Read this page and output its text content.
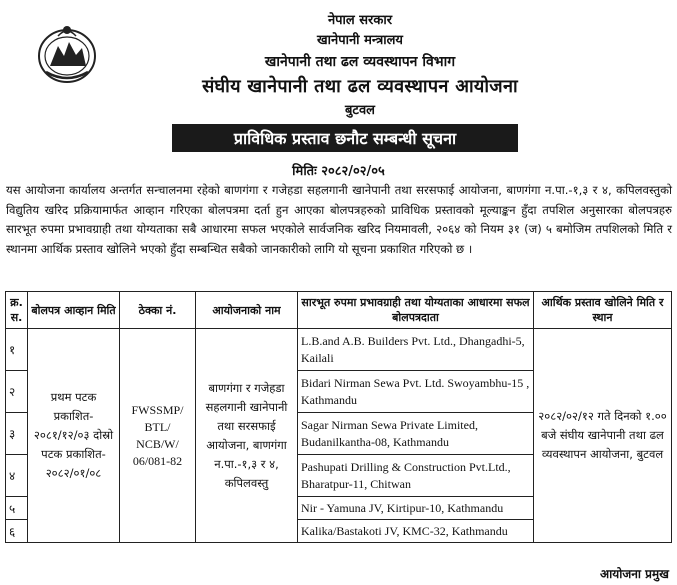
नेपाल सरकार
खानेपानी मन्त्रालय
खानेपानी तथा ढल व्यवस्थापन विभाग
संघीय खानेपानी तथा ढल व्यवस्थापन आयोजना
बुटवल
प्राविधिक प्रस्ताव छनौट सम्बन्धी सूचना
मितिः २०८२/०२/०५
यस आयोजना कार्यालय अन्तर्गत सन्चालनमा रहेको बाणगंगा र गजेहडा सहलगानी खानेपानी तथा सरसफाई आयोजना, बाणगंगा न.पा.-१,३ र ४, कपिलवस्तुको विद्युतिय खरिद प्रक्रियामार्फत आव्हान गरिएका बोलपत्रमा दर्ता हुन आएका बोलपत्रहरुको प्राविधिक प्रस्तावको मूल्याङ्कन हुँदा तपशिल अनुसारका बोलपत्रहरु सारभूत रुपमा प्रभावग्राही तथा योग्यताका सबै आधारमा सफल भएकोले सार्वजनिक खरिद नियमावली, २०६४ को नियम ३१ (ज) ५ बमोजिम तपशिलको मिति र स्थानमा आर्थिक प्रस्ताव खोलिने भएको हुँदा सम्बन्धित सबैको जानकारीको लागि यो सूचना प्रकाशित गरिएको छ ।
क्र. स.	बोलपत्र आव्हान मिति	ठेक्का नं.	आयोजनाको नाम	सारभूत रुपमा प्रभावग्राही तथा योग्यताका आधारमा सफल बोलपत्रदाता	आर्थिक प्रस्ताव खोलिने मिति र स्थान
१	प्रथम पटक प्रकाशित- २०८१/१२/०३ दोस्रो पटक प्रकाशित- २०८२/०१/०८	FWSSMP/ BTL/ NCB/W/ 06/081-82	बाणगंगा र गजेहडा सहलगानी खानेपानी तथा सरसफाई आयोजना, बाणगंगा न.पा.-१,३ र ४, कपिलवस्तु	L.B.and A.B. Builders Pvt. Ltd., Dhangadhi-5, Kailali	२०८२/०२/१२ गते दिनको १.०० बजे संघीय खानेपानी तथा ढल व्यवस्थापन आयोजना, बुटवल
२				Bidari Nirman Sewa Pvt. Ltd. Swoyambhu-15 , Kathmandu	
३				Sagar Nirman Sewa Private Limited, Budanilkantha-08, Kathmandu	
४				Pashupati Drilling & Construction Pvt.Ltd., Bharatpur-11, Chitwan	
५				Nir - Yamuna JV, Kirtipur-10, Kathmandu	
६				Kalika/Bastakoti JV, KMC-32, Kathmandu	
आयोजना प्रमुख
